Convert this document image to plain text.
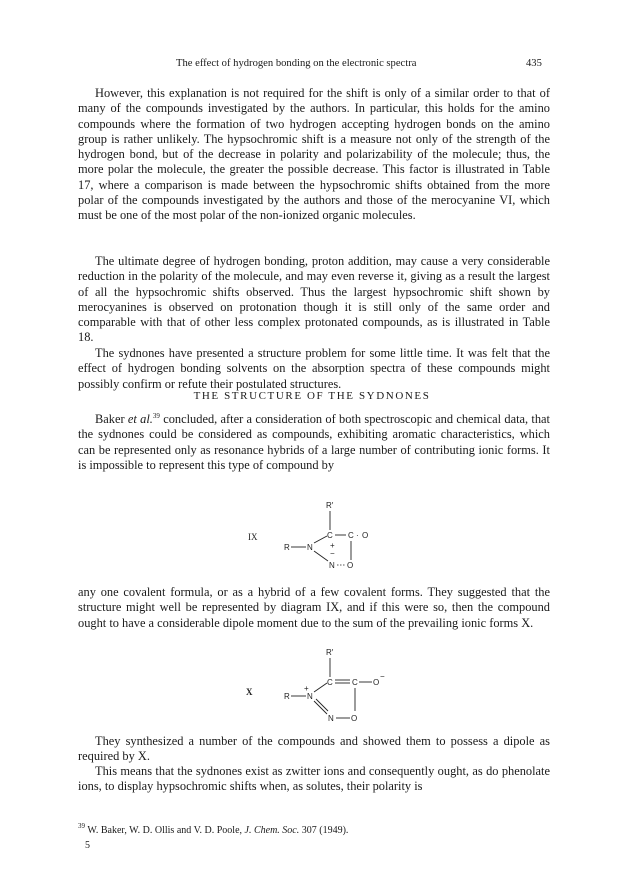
The effect of hydrogen bonding on the electronic spectra	435

However, this explanation is not required for the shift is only of a similar order to that of many of the compounds investigated by the authors. In particular, this holds for the amino compounds where the formation of two hydrogen accepting hydrogen bonds on the amino group is rather unlikely. The hypsochromic shift is a measure not only of the strength of the hydrogen bond, but of the decrease in polarity and polarizability of the molecule; thus, the more polar the molecule, the greater the possible decrease. This factor is illustrated in Table 17, where a comparison is made between the hypsochromic shifts obtained from the more polar of the compounds investigated by the authors and those of the merocyanine VI, which must be one of the most polar of the non-ionized organic molecules.

The ultimate degree of hydrogen bonding, proton addition, may cause a very considerable reduction in the polarity of the molecule, and may even reverse it, giving as a result the largest of all the hypsochromic shifts observed. Thus the largest hypsochromic shift shown by merocyanines is observed on protonation though it is still only of the same order and comparable with that of other less complex protonated compounds, as is illustrated in Table 18.

The sydnones have presented a structure problem for some little time. It was felt that the effect of hydrogen bonding solvents on the absorption spectra of these compounds might possibly confirm or refute their postulated structures.

THE STRUCTURE OF THE SYDNONES

Baker et al.$^{39}$ concluded, after a consideration of both spectroscopic and chemical data, that the sydnones could be considered as compounds, exhibiting aromatic characteristics, which can be represented only as resonance hybrids of a large number of contributing ionic forms. It is impossible to represent this type of compound by

IX
R′
C C · O
R N +
−
N O

any one covalent formula, or as a hybrid of a few covalent forms. They suggested that the structure might well be represented by diagram IX, and if this were so, then the compound ought to have a considerable dipole moment due to the sum of the prevailing ionic forms X.

X
R′
C C O
−
R N
+
N O

They synthesized a number of the compounds and showed them to possess a dipole as required by X.

This means that the sydnones exist as zwitter ions and consequently ought, as do phenolate ions, to display hypsochromic shifts when, as solutes, their polarity is

$^{39}$ W. Baker, W. D. Ollis and V. D. Poole, J. Chem. Soc. 307 (1949).
5
